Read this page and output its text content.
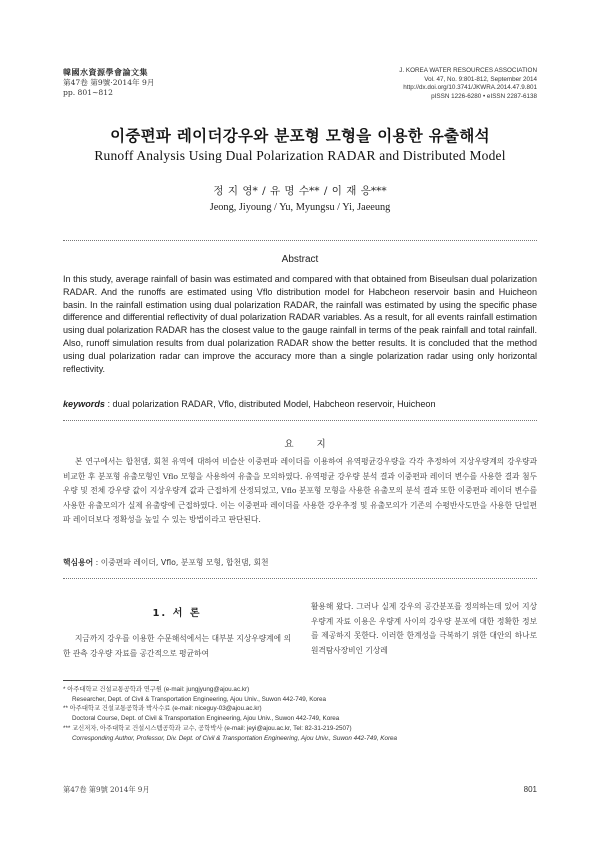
韓國水資源學會論文集
第47卷 第9號·2014年 9月
pp. 801∼812
J. KOREA WATER RESOURCES ASSOCIATION
Vol. 47, No. 9:801-812, September 2014
http://dx.doi.org/10.3741/JKWRA.2014.47.9.801
pISSN 1226-6280 • eISSN 2287-6138
이중편파 레이더강우와 분포형 모형을 이용한 유출해석
Runoff Analysis Using Dual Polarization RADAR and Distributed Model
정 지 영* / 유 명 수** / 이 재 응***
Jeong, Jiyoung / Yu, Myungsu / Yi, Jaeeung
Abstract
In this study, average rainfall of basin was estimated and compared with that obtained from Biseulsan dual polarization RADAR. And the runoffs are estimated using Vflo distribution model for Habcheon reservoir basin and Huicheon basin. In the rainfall estimation using dual polarization RADAR, the rainfall was estimated by using the specific phase difference and differential reflectivity of dual polarization RADAR variables. As a result, for all events rainfall estimation using dual polarization RADAR has the closest value to the gauge rainfall in terms of the peak rainfall and total rainfall. Also, runoff simulation results from dual polarization RADAR show the better results. It is concluded that the method using dual polarization radar can improve the accuracy more than a single polarization radar using only horizontal reflectivity.
keywords : dual polarization RADAR, Vflo, distributed Model, Habcheon reservoir, Huicheon
요 지

본 연구에서는 합천댐, 회천 유역에 대하여 비슬산 이중편파 레이더를 이용하여 유역평균강우량을 각각 추정하여 지상우량계의 강우량과 비교한 후 분포형 유출모형인 Vflo 모형을 사용하여 유출을 모의하였다. 유역평균 강우량 분석 결과 이중편파 레이더 변수를 사용한 결과 첨두우량 및 전체 강우량 값이 지상우량계 값과 근접하게 산정되었고, Vflo 분포형 모형을 사용한 유출모의 분석 결과 또한 이중편파 레이더 변수를 사용한 유출모의가 실제 유출량에 근접하였다. 이는 이중편파 레이더를 사용한 강우추정 및 유출모의가 기존의 수평반사도만을 사용한 단일편파 레이더보다 정확성을 높일 수 있는 방법이라고 판단된다.

핵심용어 : 이중편파 레이더, Vflo, 분포형 모형, 합천댐, 회천
1. 서 론
지금까지 강우를 이용한 수문해석에서는 대부분 지상우량계에 의한 관측 강우량 자료를 공간적으로 평균하여
활용해 왔다. 그러나 실제 강우의 공간분포를 정의하는데 있어 지상우량계 자료 이용은 우량계 사이의 강우량 분포에 대한 정확한 정보를 제공하지 못한다. 이러한 한계성을 극복하기 위한 대안의 하나로 원격탐사장비인 기상레
* 아주대학교 건설교통공학과 연구원 (e-mail: jungjyung@ajou.ac.kr)
Researcher, Dept. of Civil & Transportation Engineering, Ajou Univ., Suwon 442-749, Korea
** 아주대학교 건설교통공학과 박사수료 (e-mail: niceguy-03@ajou.ac.kr)
Doctoral Course, Dept. of Civil & Transportation Engineering, Ajou Univ., Suwon 442-749, Korea
*** 교신저자, 아주대학교 건설시스템공학과 교수, 공학박사 (e-mail: jeyi@ajou.ac.kr, Tel: 82-31-219-2507)
Corresponding Author, Professor, Div. Dept. of Civil & Transportation Engineering, Ajou Univ., Suwon 442-749, Korea
第47卷 第9號 2014年 9月	801
